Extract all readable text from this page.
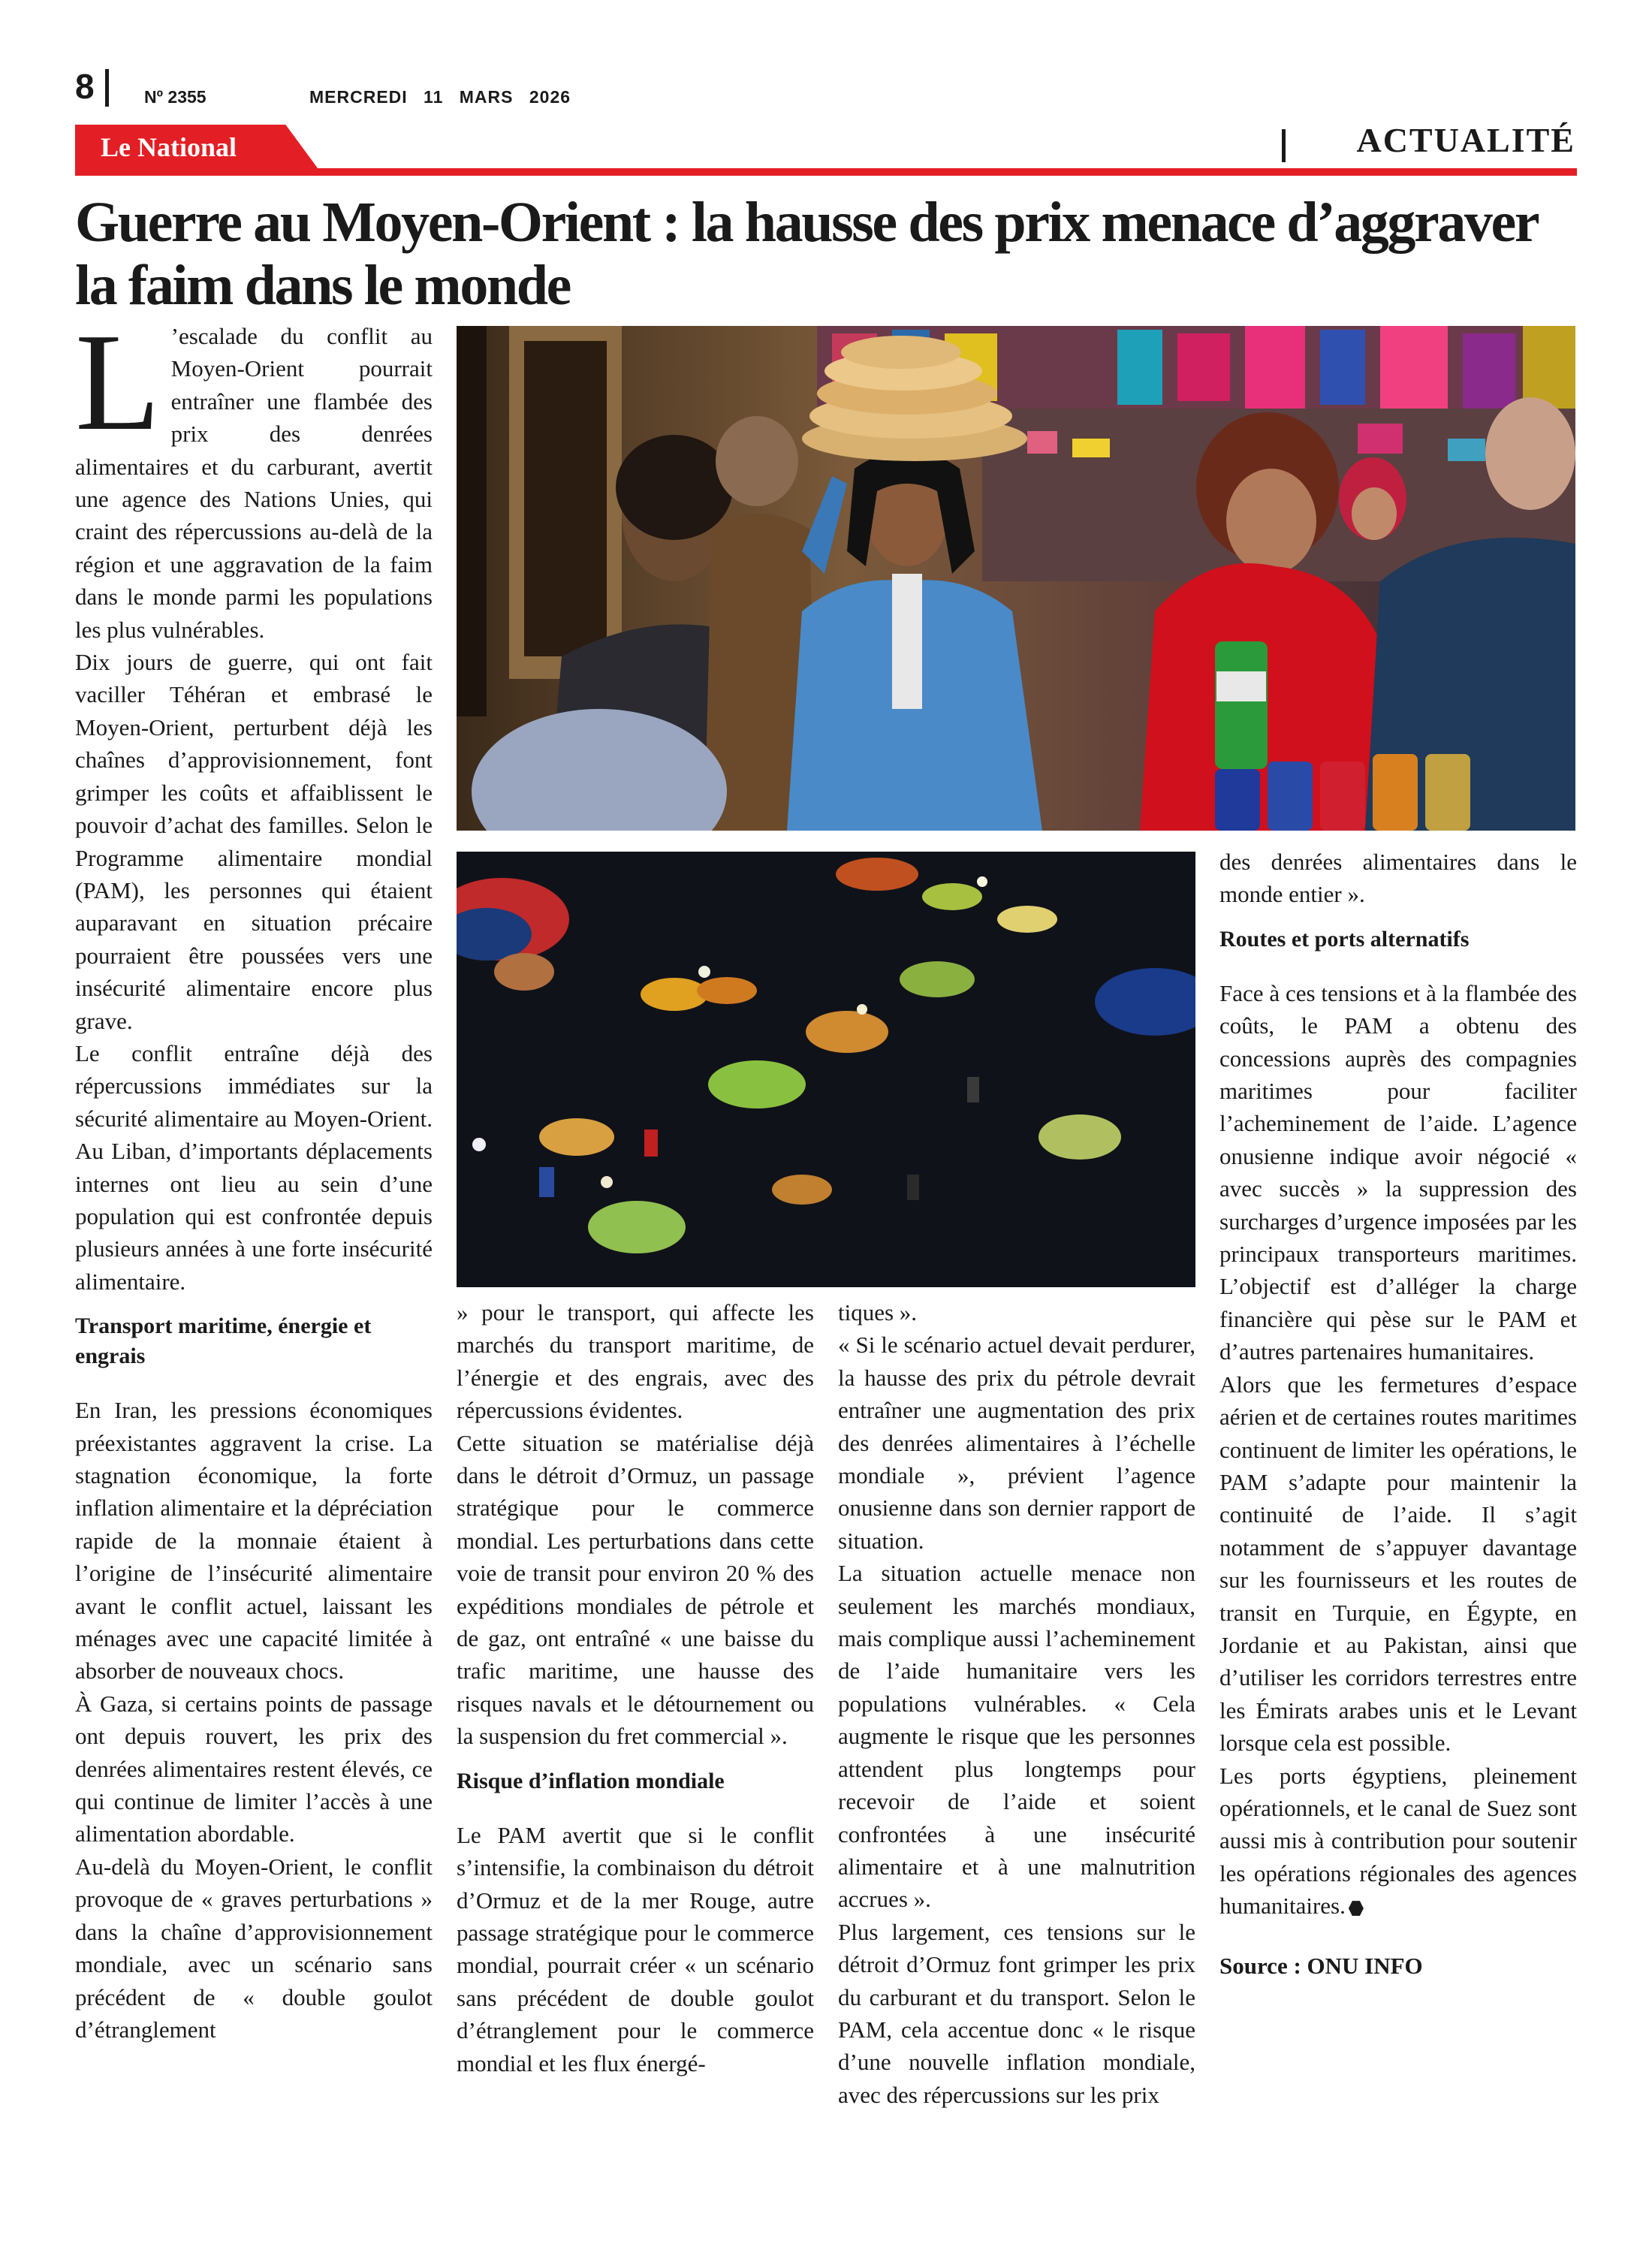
8	Nº 2355	MERCREDI 11 MARS 2026
Le National	ACTUALITÉ
Guerre au Moyen-Orient : la hausse des prix menace d’aggraver la faim dans le monde
L ’escalade du conflit au Moyen-Orient pourrait entraîner une flambée des prix des denrées alimentaires et du carburant, avertit une agence des Nations Unies, qui craint des répercussions au-delà de la région et une aggravation de la faim dans le monde parmi les populations les plus vulnérables.

Dix jours de guerre, qui ont fait vaciller Téhéran et embrasé le Moyen-Orient, perturbent déjà les chaînes d’approvisionnement, font grimper les coûts et affaiblissent le pouvoir d’achat des familles. Selon le Programme alimentaire mondial (PAM), les personnes qui étaient auparavant en situation précaire pourraient être poussées vers une insécurité alimentaire encore plus grave.

Le conflit entraîne déjà des répercussions immédiates sur la sécurité alimentaire au Moyen-Orient. Au Liban, d’importants déplacements internes ont lieu au sein d’une population qui est confrontée depuis plusieurs années à une forte insécurité alimentaire.

Transport maritime, énergie et engrais

En Iran, les pressions économiques préexistantes aggravent la crise. La stagnation économique, la forte inflation alimentaire et la dépréciation rapide de la monnaie étaient à l’origine de l’insécurité alimentaire avant le conflit actuel, laissant les ménages avec une capacité limitée à absorber de nouveaux chocs.

À Gaza, si certains points de passage ont depuis rouvert, les prix des denrées alimentaires restent élevés, ce qui continue de limiter l’accès à une alimentation abordable.

Au-delà du Moyen-Orient, le conflit provoque de « graves perturbations » dans la chaîne d’approvisionnement mondiale, avec un scénario sans précédent de « double goulot d’étranglement

» pour le transport, qui affecte les marchés du transport maritime, de l’énergie et des engrais, avec des répercussions évidentes.

Cette situation se matérialise déjà dans le détroit d’Ormuz, un passage stratégique pour le commerce mondial. Les perturbations dans cette voie de transit pour environ 20 % des expéditions mondiales de pétrole et de gaz, ont entraîné « une baisse du trafic maritime, une hausse des risques navals et le détournement ou la suspension du fret commercial ».

Risque d’inflation mondiale

Le PAM avertit que si le conflit s’intensifie, la combinaison du détroit d’Ormuz et de la mer Rouge, autre passage stratégique pour le commerce mondial, pourrait créer « un scénario sans précédent de double goulot d’étranglement pour le commerce mondial et les flux énergé-

tiques ».

« Si le scénario actuel devait perdurer, la hausse des prix du pétrole devrait entraîner une augmentation des prix des denrées alimentaires à l’échelle mondiale », prévient l’agence onusienne dans son dernier rapport de situation.

La situation actuelle menace non seulement les marchés mondiaux, mais complique aussi l’acheminement de l’aide humanitaire vers les populations vulnérables. « Cela augmente le risque que les personnes attendent plus longtemps pour recevoir de l’aide et soient confrontées à une insécurité alimentaire et à une malnutrition accrues ».

Plus largement, ces tensions sur le détroit d’Ormuz font grimper les prix du carburant et du transport. Selon le PAM, cela accentue donc « le risque d’une nouvelle inflation mondiale, avec des répercussions sur les prix

des denrées alimentaires dans le monde entier ».

Routes et ports alternatifs

Face à ces tensions et à la flambée des coûts, le PAM a obtenu des concessions auprès des compagnies maritimes pour faciliter l’acheminement de l’aide. L’agence onusienne indique avoir négocié « avec succès » la suppression des surcharges d’urgence imposées par les principaux transporteurs maritimes. L’objectif est d’alléger la charge financière qui pèse sur le PAM et d’autres partenaires humanitaires.

Alors que les fermetures d’espace aérien et de certaines routes maritimes continuent de limiter les opérations, le PAM s’adapte pour maintenir la continuité de l’aide. Il s’agit notamment de s’appuyer davantage sur les fournisseurs et les routes de transit en Turquie, en Égypte, en Jordanie et au Pakistan, ainsi que d’utiliser les corridors terrestres entre les Émirats arabes unis et le Levant lorsque cela est possible.

Les ports égyptiens, pleinement opérationnels, et le canal de Suez sont aussi mis à contribution pour soutenir les opérations régionales des agences humanitaires.

Source : ONU INFO
